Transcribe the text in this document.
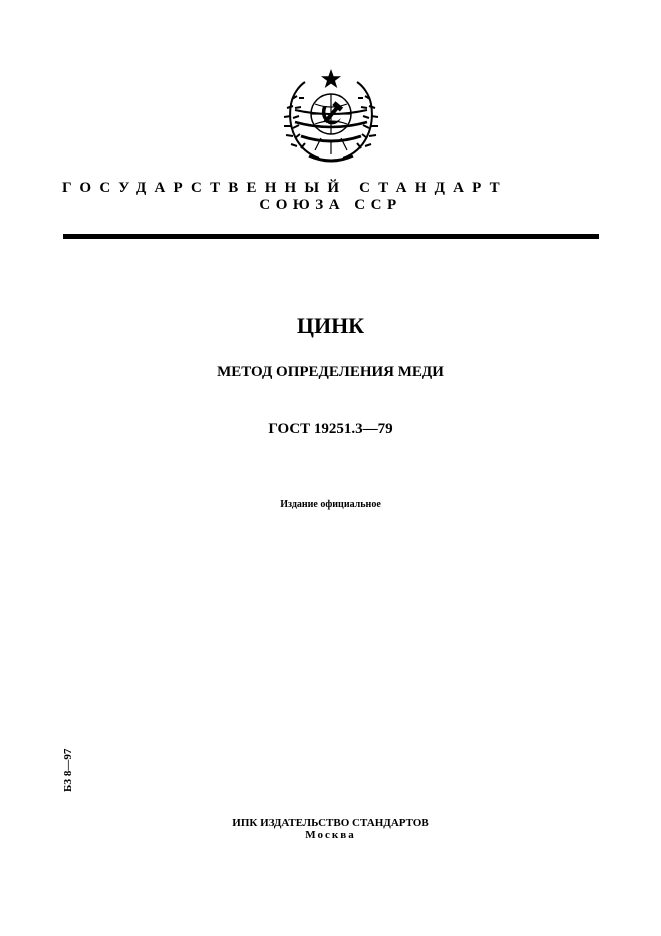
ГОСУДАРСТВЕННЫЙ СТАНДАРТ
СОЮЗА ССР
ЦИНК
МЕТОД ОПРЕДЕЛЕНИЯ МЕДИ
ГОСТ 19251.3—79
Издание официальное
БЗ 8—97
ИПК ИЗДАТЕЛЬСТВО СТАНДАРТОВ
Москва
